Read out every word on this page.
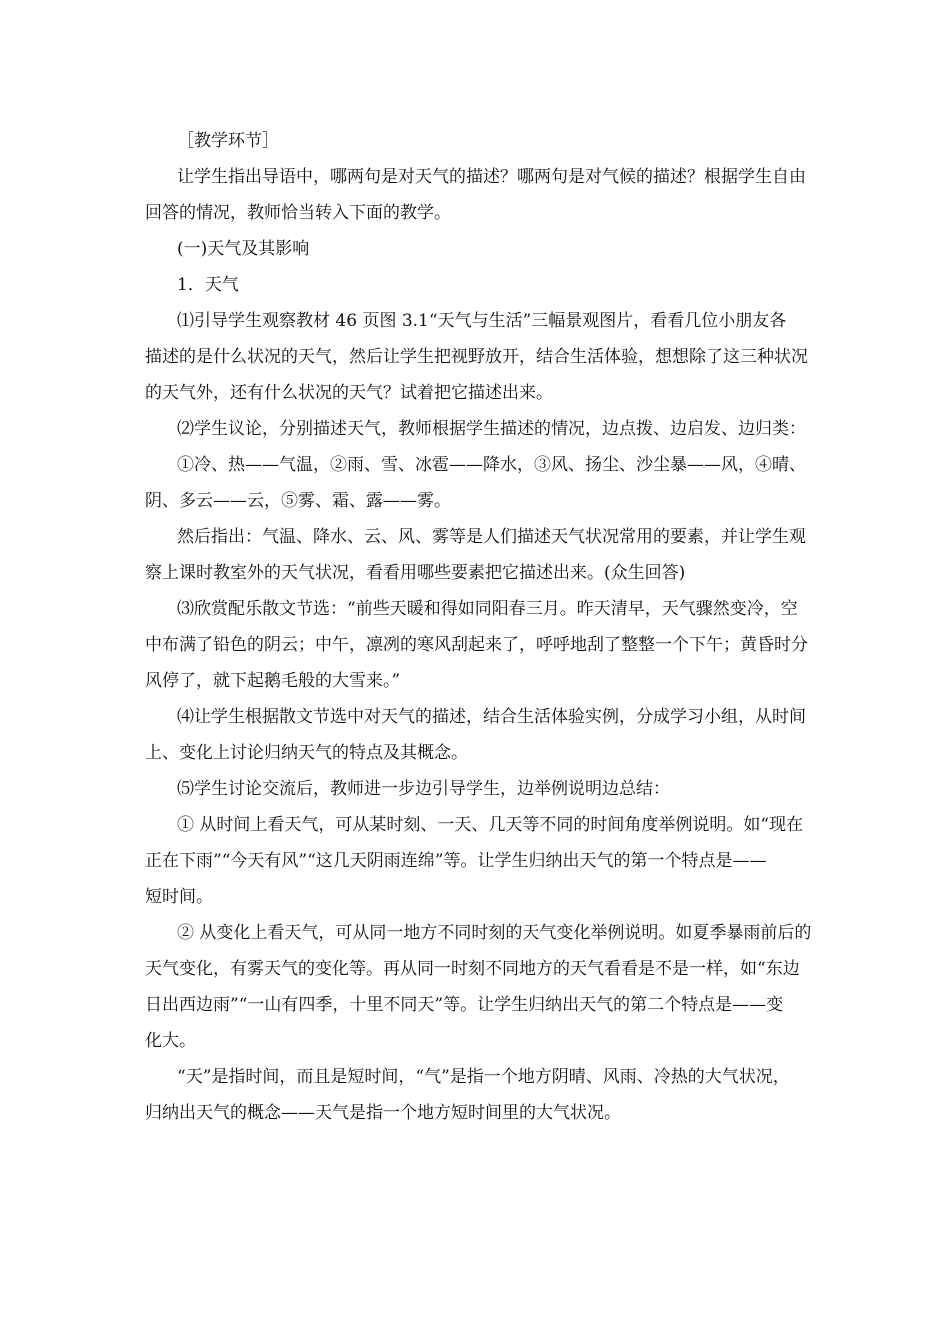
［教学环节］
让学生指出导语中，哪两句是对天气的描述？哪两句是对气候的描述？根据学生自由
回答的情况，教师恰当转入下面的教学。
(一)天气及其影响
1．天气
⑴引导学生观察教材 46 页图 3.1“天气与生活”三幅景观图片，看看几位小朋友各
描述的是什么状况的天气，然后让学生把视野放开，结合生活体验，想想除了这三种状况
的天气外，还有什么状况的天气？试着把它描述出来。
⑵学生议论，分别描述天气，教师根据学生描述的情况，边点拨、边启发、边归类：
①冷、热——气温，②雨、雪、冰雹——降水，③风、扬尘、沙尘暴——风，④晴、
阴、多云——云，⑤雾、霜、露——雾。
然后指出：气温、降水、云、风、雾等是人们描述天气状况常用的要素，并让学生观
察上课时教室外的天气状况，看看用哪些要素把它描述出来。(众生回答)
⑶欣赏配乐散文节选：“前些天暖和得如同阳春三月。昨天清早，天气骤然变冷，空
中布满了铅色的阴云；中午，凛冽的寒风刮起来了，呼呼地刮了整整一个下午；黄昏时分
风停了，就下起鹅毛般的大雪来。”
⑷让学生根据散文节选中对天气的描述，结合生活体验实例，分成学习小组，从时间
上、变化上讨论归纳天气的特点及其概念。
⑸学生讨论交流后，教师进一步边引导学生，边举例说明边总结：
① 从时间上看天气，可从某时刻、一天、几天等不同的时间角度举例说明。如“现在
正在下雨”“今天有风”“这几天阴雨连绵”等。让学生归纳出天气的第一个特点是——
短时间。
② 从变化上看天气，可从同一地方不同时刻的天气变化举例说明。如夏季暴雨前后的
天气变化，有雾天气的变化等。再从同一时刻不同地方的天气看看是不是一样，如“东边
日出西边雨”“一山有四季，十里不同天”等。让学生归纳出天气的第二个特点是——变
化大。
“天”是指时间，而且是短时间，“气”是指一个地方阴晴、风雨、冷热的大气状况，
归纳出天气的概念——天气是指一个地方短时间里的大气状况。
